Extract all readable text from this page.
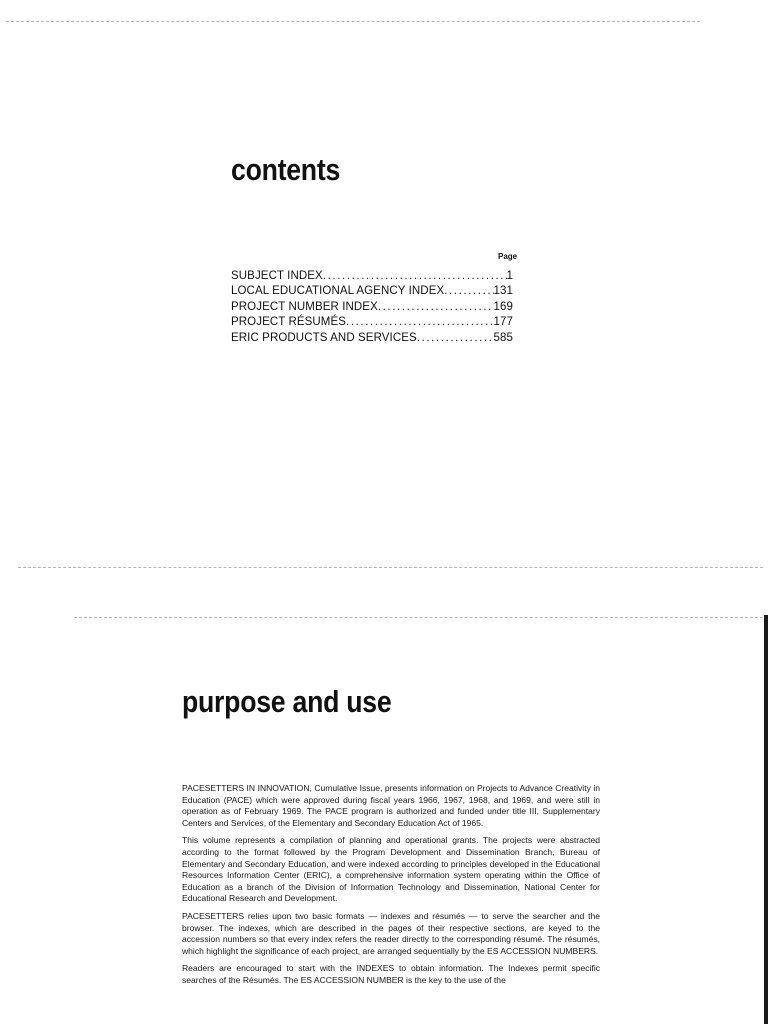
contents
Page
SUBJECT INDEX .....	1
LOCAL EDUCATIONAL AGENCY INDEX .....	131
PROJECT NUMBER INDEX .....	169
PROJECT RÉSUMÉS .....	177
ERIC PRODUCTS AND SERVICES .....	585
purpose and use

PACESETTERS IN INNOVATION, Cumulative Issue, presents information on Projects to Advance Creativity in Education (PACE) which were approved during fiscal years 1966, 1967, 1968, and 1969, and were still in operation as of February 1969. The PACE program is authorized and funded under title III, Supplementary Centers and Services, of the Elementary and Secondary Education Act of 1965.

This volume represents a compilation of planning and operational grants. The projects were abstracted according to the format followed by the Program Development and Dissemination Branch, Bureau of Elementary and Secondary Education, and were indexed according to principles developed in the Educational Resources Information Center (ERIC), a comprehensive information system operating within the Office of Education as a branch of the Division of Information Technology and Dissemination, National Center for Educational Research and Development.

PACESETTERS relies upon two basic formats — indexes and résumés — to serve the searcher and the browser. The indexes, which are described in the pages of their respective sections, are keyed to the accession numbers so that every index refers the reader directly to the corresponding résumé. The résumés, which highlight the significance of each project, are arranged sequentially by the ES ACCESSION NUMBERS.

Readers are encouraged to start with the INDEXES to obtain information. The Indexes permit specific searches of the Résumés. The ES ACCESSION NUMBER is the key to the use of the
